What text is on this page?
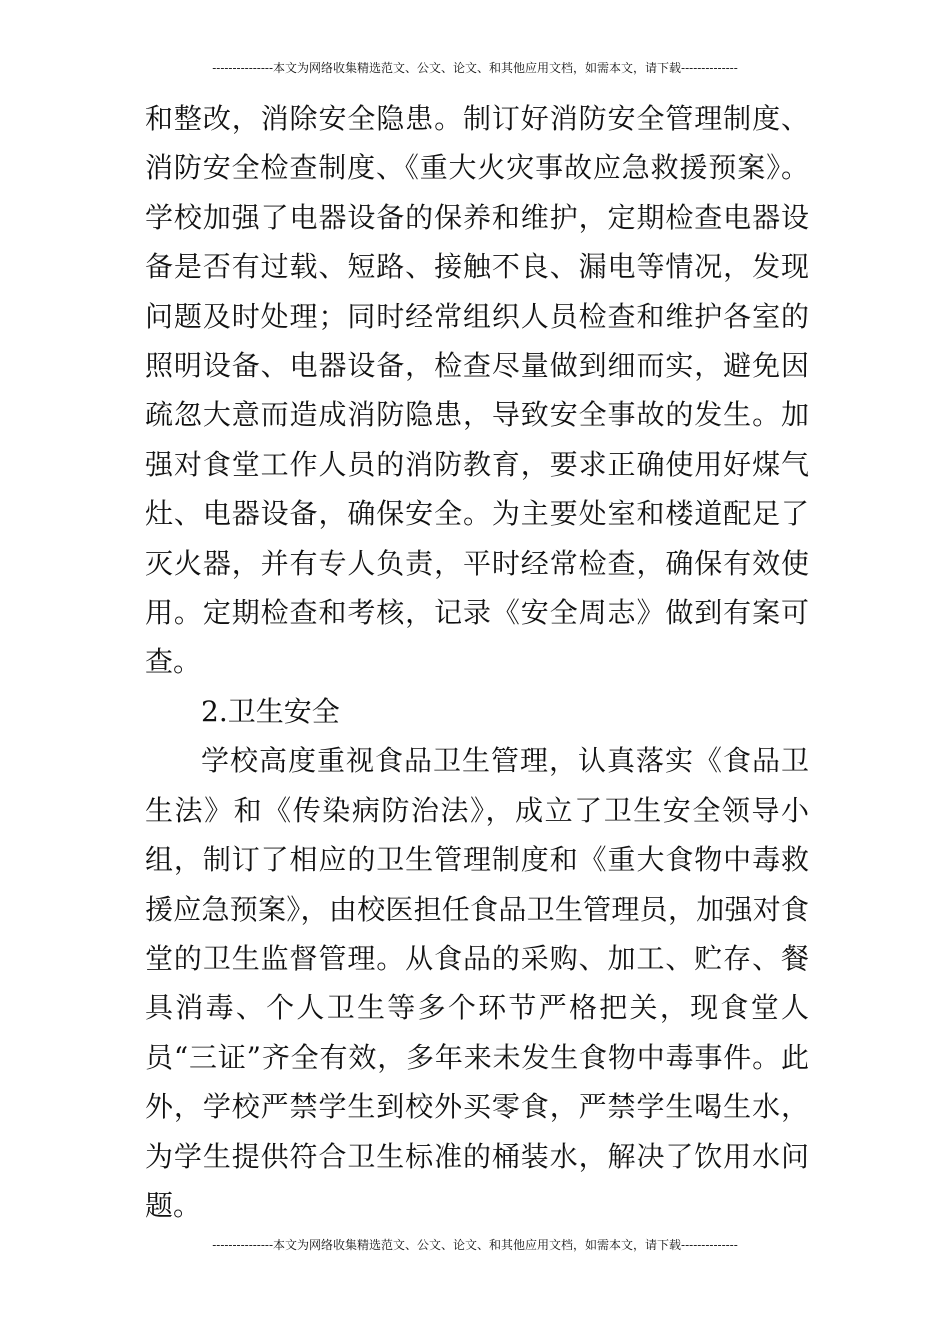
---------------本文为网络收集精选范文、公文、论文、和其他应用文档，如需本文，请下载--------------

和整改，消除安全隐患。制订好消防安全管理制度、消防安全检查制度、《重大火灾事故应急救援预案》。学校加强了电器设备的保养和维护，定期检查电器设备是否有过载、短路、接触不良、漏电等情况，发现问题及时处理；同时经常组织人员检查和维护各室的照明设备、电器设备，检查尽量做到细而实，避免因疏忽大意而造成消防隐患，导致安全事故的发生。加强对食堂工作人员的消防教育，要求正确使用好煤气灶、电器设备，确保安全。为主要处室和楼道配足了灭火器，并有专人负责，平时经常检查，确保有效使用。定期检查和考核，记录《安全周志》做到有案可查。

2.卫生安全

学校高度重视食品卫生管理，认真落实《食品卫生法》和《传染病防治法》，成立了卫生安全领导小组，制订了相应的卫生管理制度和《重大食物中毒救援应急预案》，由校医担任食品卫生管理员，加强对食堂的卫生监督管理。从食品的采购、加工、贮存、餐具消毒、个人卫生等多个环节严格把关，现食堂人员“三证”齐全有效，多年来未发生食物中毒事件。此外，学校严禁学生到校外买零食，严禁学生喝生水，为学生提供符合卫生标准的桶装水，解决了饮用水问题。

---------------本文为网络收集精选范文、公文、论文、和其他应用文档，如需本文，请下载--------------
